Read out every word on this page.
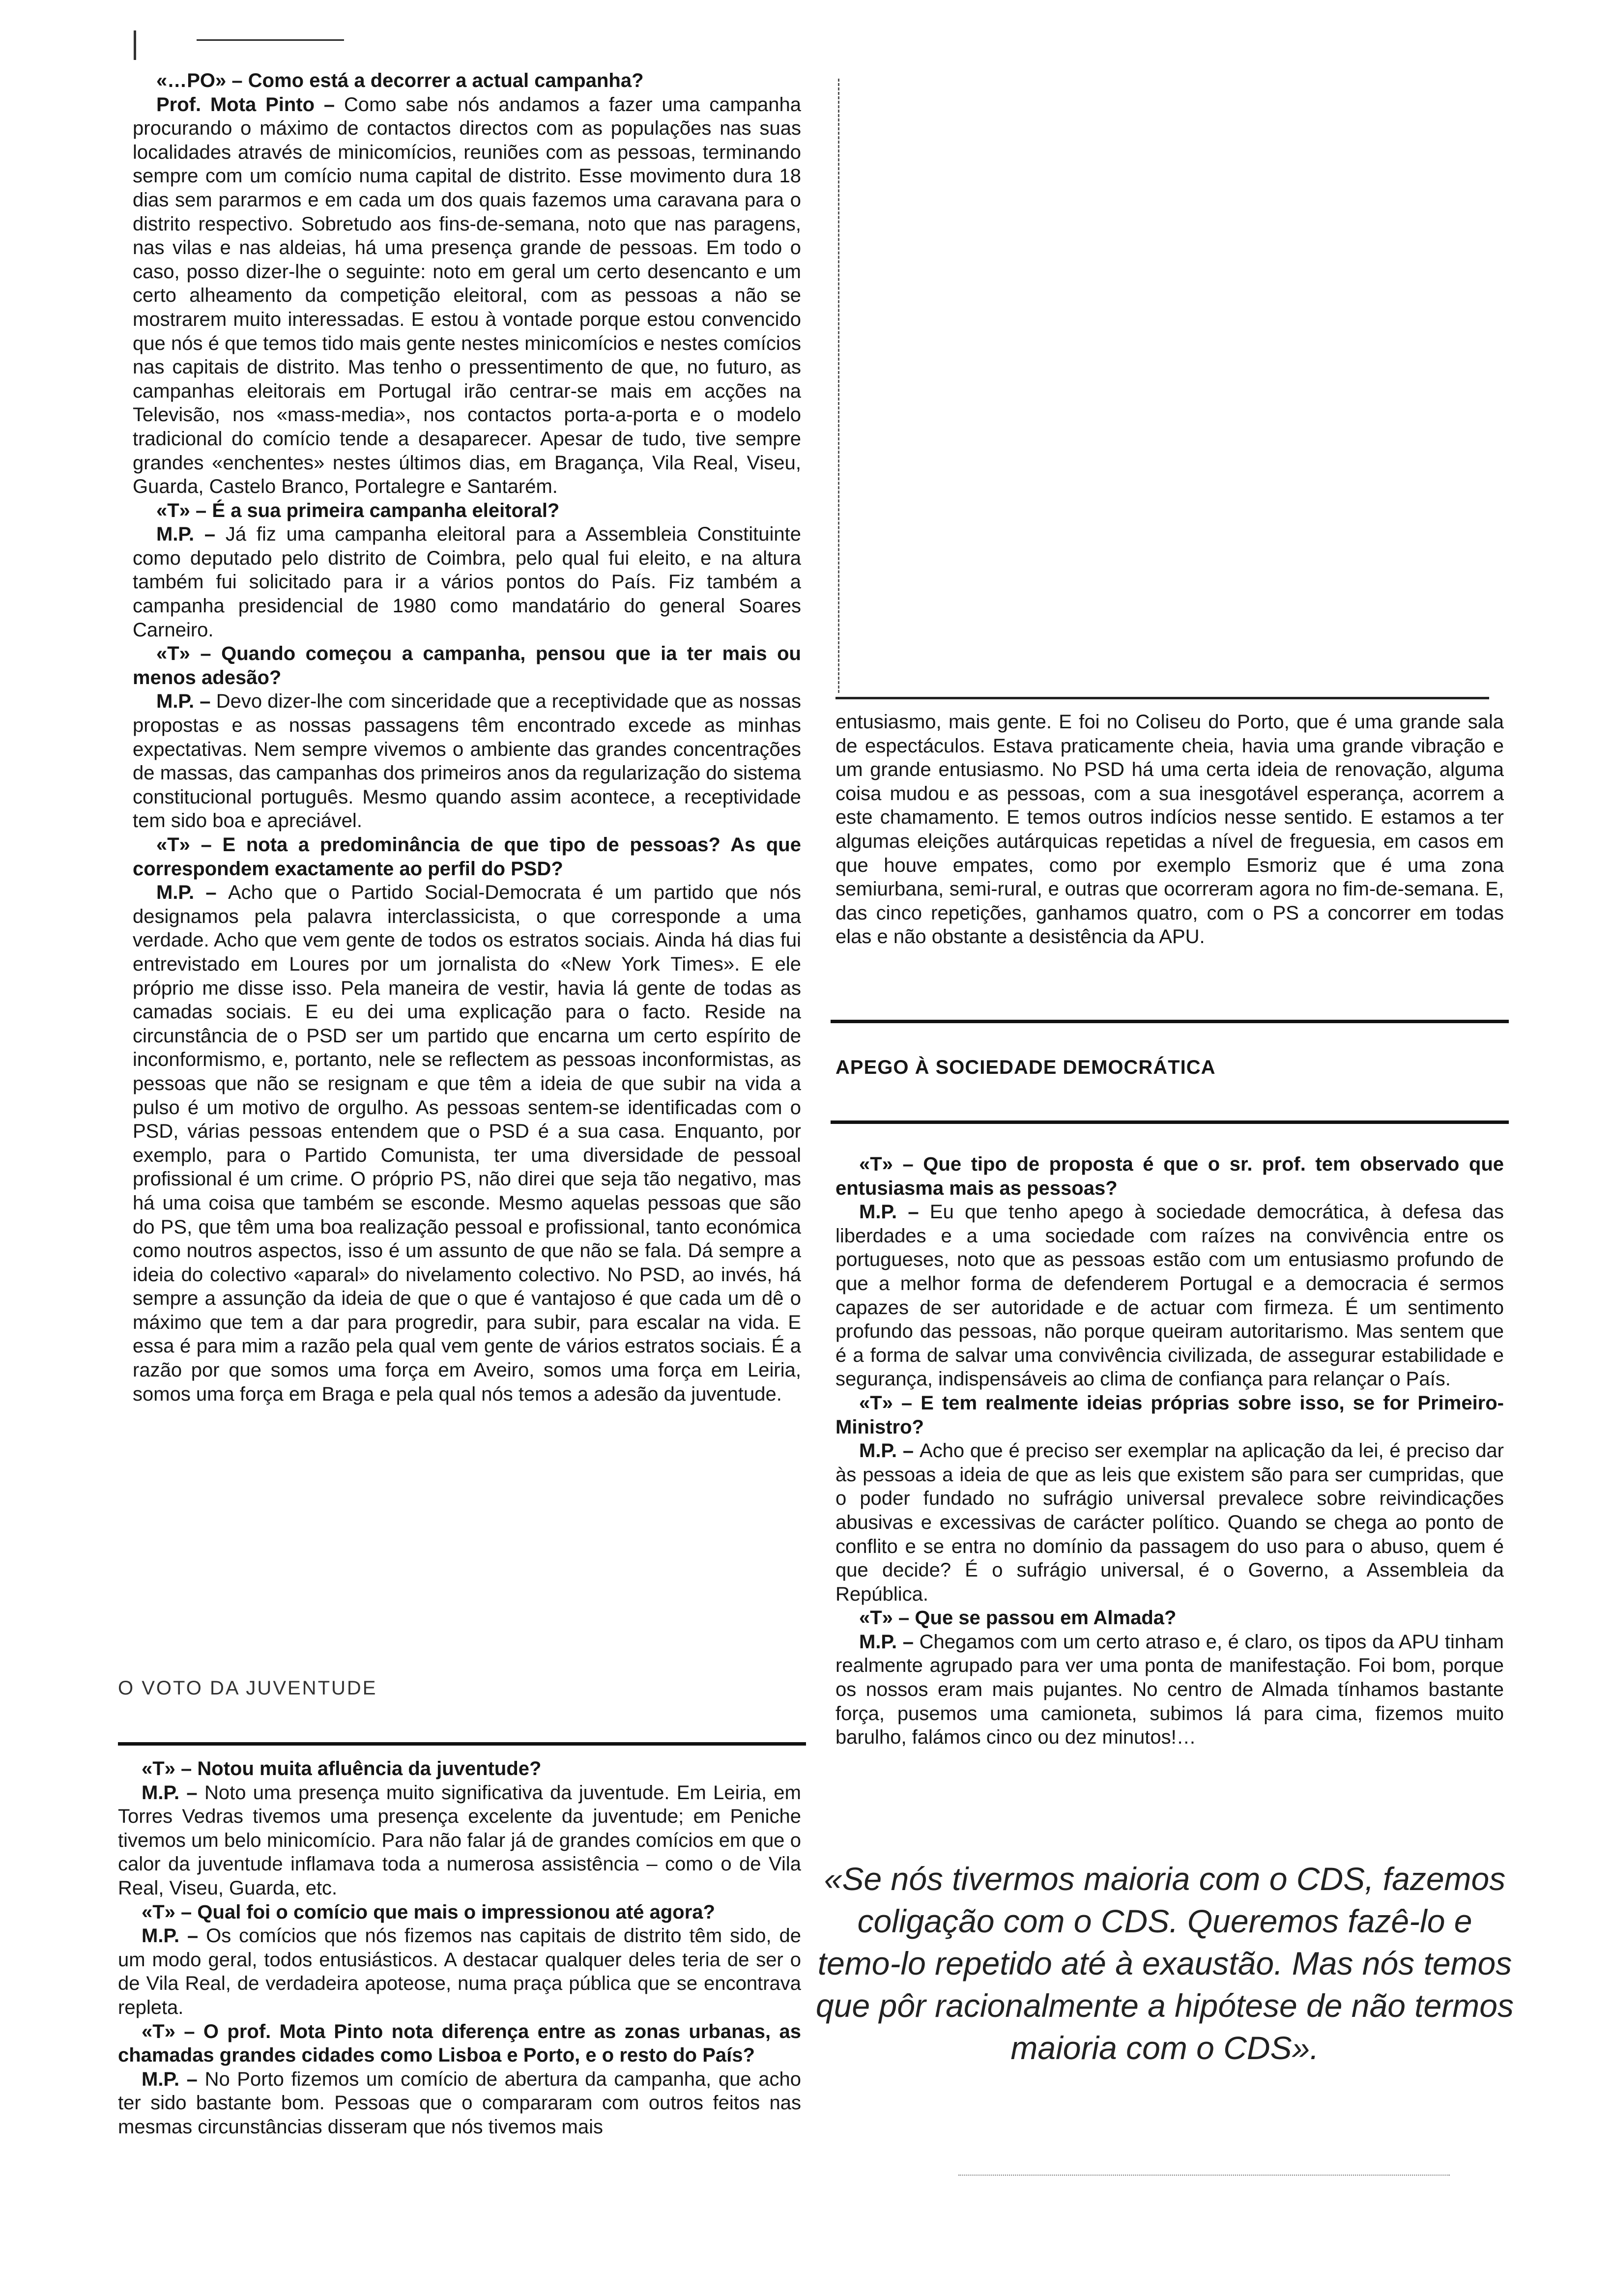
«…PO» – Como está a decorrer a actual campanha?

Prof. Mota Pinto – Como sabe nós andamos a fazer uma campanha procurando o máximo de contactos directos com as populações nas suas localidades através de minicomícios, reuniões com as pessoas, terminando sempre com um comício numa capital de distrito. Esse movimento dura 18 dias sem pararmos e em cada um dos quais fazemos uma caravana para o distrito respectivo. Sobretudo aos fins-de-semana, noto que nas paragens, nas vilas e nas aldeias, há uma presença grande de pessoas. Em todo o caso, posso dizer-lhe o seguinte: noto em geral um certo desencanto e um certo alheamento da competição eleitoral, com as pessoas a não se mostrarem muito interessadas. E estou à vontade porque estou convencido que nós é que temos tido mais gente nestes minicomícios e nestes comícios nas capitais de distrito. Mas tenho o pressentimento de que, no futuro, as campanhas eleitorais em Portugal irão centrar-se mais em acções na Televisão, nos «mass-media», nos contactos porta-a-porta e o modelo tradicional do comício tende a desaparecer. Apesar de tudo, tive sempre grandes «enchentes» nestes últimos dias, em Bragança, Vila Real, Viseu, Guarda, Castelo Branco, Portalegre e Santarém.

«T» – É a sua primeira campanha eleitoral?

M.P. – Já fiz uma campanha eleitoral para a Assembleia Constituinte como deputado pelo distrito de Coimbra, pelo qual fui eleito, e na altura também fui solicitado para ir a vários pontos do País. Fiz também a campanha presidencial de 1980 como mandatário do general Soares Carneiro.

«T» – Quando começou a campanha, pensou que ia ter mais ou menos adesão?

M.P. – Devo dizer-lhe com sinceridade que a receptividade que as nossas propostas e as nossas passagens têm encontrado excede as minhas expectativas. Nem sempre vivemos o ambiente das grandes concentrações de massas, das campanhas dos primeiros anos da regularização do sistema constitucional português. Mesmo quando assim acontece, a receptividade tem sido boa e apreciável.

«T» – E nota a predominância de que tipo de pessoas? As que correspondem exactamente ao perfil do PSD?

M.P. – Acho que o Partido Social-Democrata é um partido que nós designamos pela palavra interclassicista, o que corresponde a uma verdade. Acho que vem gente de todos os estratos sociais. Ainda há dias fui entrevistado em Loures por um jornalista do «New York Times». E ele próprio me disse isso. Pela maneira de vestir, havia lá gente de todas as camadas sociais. E eu dei uma explicação para o facto. Reside na circunstância de o PSD ser um partido que encarna um certo espírito de inconformismo, e, portanto, nele se reflectem as pessoas inconformistas, as pessoas que não se resignam e que têm a ideia de que subir na vida a pulso é um motivo de orgulho. As pessoas sentem-se identificadas com o PSD, várias pessoas entendem que o PSD é a sua casa. Enquanto, por exemplo, para o Partido Comunista, ter uma diversidade de pessoal profissional é um crime. O próprio PS, não direi que seja tão negativo, mas há uma coisa que também se esconde. Mesmo aquelas pessoas que são do PS, que têm uma boa realização pessoal e profissional, tanto económica como noutros aspectos, isso é um assunto de que não se fala. Dá sempre a ideia do colectivo «aparal» do nivelamento colectivo. No PSD, ao invés, há sempre a assunção da ideia de que o que é vantajoso é que cada um dê o máximo que tem a dar para progredir, para subir, para escalar na vida. E essa é para mim a razão pela qual vem gente de vários estratos sociais. É a razão por que somos uma força em Aveiro, somos uma força em Leiria, somos uma força em Braga e pela qual nós temos a adesão da juventude.

entusiasmo, mais gente. E foi no Coliseu do Porto, que é uma grande sala de espectáculos. Estava praticamente cheia, havia uma grande vibração e um grande entusiasmo. No PSD há uma certa ideia de renovação, alguma coisa mudou e as pessoas, com a sua inesgotável esperança, acorrem a este chamamento. E temos outros indícios nesse sentido. E estamos a ter algumas eleições autárquicas repetidas a nível de freguesia, em casos em que houve empates, como por exemplo Esmoriz que é uma zona semiurbana, semi-rural, e outras que ocorreram agora no fim-de-semana. E, das cinco repetições, ganhamos quatro, com o PS a concorrer em todas elas e não obstante a desistência da APU.

APEGO À SOCIEDADE DEMOCRÁTICA

«T» – Que tipo de proposta é que o sr. prof. tem observado que entusiasma mais as pessoas?

M.P. – Eu que tenho apego à sociedade democrática, à defesa das liberdades e a uma sociedade com raízes na convivência entre os portugueses, noto que as pessoas estão com um entusiasmo profundo de que a melhor forma de defenderem Portugal e a democracia é sermos capazes de ser autoridade e de actuar com firmeza. É um sentimento profundo das pessoas, não porque queiram autoritarismo. Mas sentem que é a forma de salvar uma convivência civilizada, de assegurar estabilidade e segurança, indispensáveis ao clima de confiança para relançar o País.

«T» – E tem realmente ideias próprias sobre isso, se for Primeiro-Ministro?

M.P. – Acho que é preciso ser exemplar na aplicação da lei, é preciso dar às pessoas a ideia de que as leis que existem são para ser cumpridas, que o poder fundado no sufrágio universal prevalece sobre reivindicações abusivas e excessivas de carácter político. Quando se chega ao ponto de conflito e se entra no domínio da passagem do uso para o abuso, quem é que decide? É o sufrágio universal, é o Governo, a Assembleia da República.

«T» – Que se passou em Almada?

M.P. – Chegamos com um certo atraso e, é claro, os tipos da APU tinham realmente agrupado para ver uma ponta de manifestação. Foi bom, porque os nossos eram mais pujantes. No centro de Almada tínhamos bastante força, pusemos uma camioneta, subimos lá para cima, fizemos muito barulho, falámos cinco ou dez minutos!…

O VOTO DA JUVENTUDE

«T» – Notou muita afluência da juventude?

M.P. – Noto uma presença muito significativa da juventude. Em Leiria, em Torres Vedras tivemos uma presença excelente da juventude; em Peniche tivemos um belo minicomício. Para não falar já de grandes comícios em que o calor da juventude inflamava toda a numerosa assistência – como o de Vila Real, Viseu, Guarda, etc.

«T» – Qual foi o comício que mais o impressionou até agora?

M.P. – Os comícios que nós fizemos nas capitais de distrito têm sido, de um modo geral, todos entusiásticos. A destacar qualquer deles teria de ser o de Vila Real, de verdadeira apoteose, numa praça pública que se encontrava repleta.

«T» – O prof. Mota Pinto nota diferença entre as zonas urbanas, as chamadas grandes cidades como Lisboa e Porto, e o resto do País?

M.P. – No Porto fizemos um comício de abertura da campanha, que acho ter sido bastante bom. Pessoas que o compararam com outros feitos nas mesmas circunstâncias disseram que nós tivemos mais

«Se nós tivermos maioria com o CDS, fazemos coligação com o CDS. Queremos fazê-lo e temo-lo repetido até à exaustão. Mas nós temos que pôr racionalmente a hipótese de não termos maioria com o CDS».
